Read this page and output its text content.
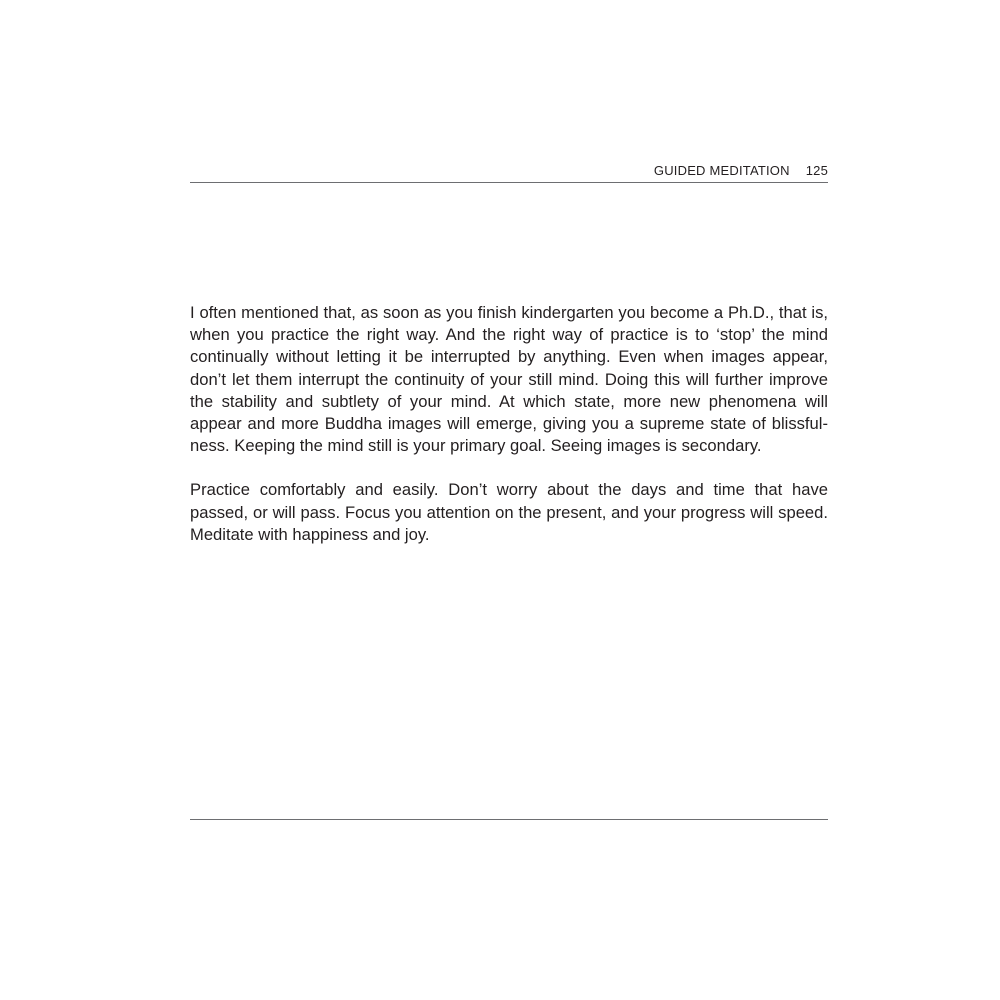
GUIDED MEDITATION 125

I often mentioned that, as soon as you finish kindergarten you become a Ph.D., that is, when you practice the right way. And the right way of practice is to ‘stop’ the mind continually without letting it be interrupted by anything. Even when images appear, don’t let them interrupt the continuity of your still mind. Doing this will further improve the stability and subtlety of your mind. At which state, more new phenomena will appear and more Buddha images will emerge, giving you a supreme state of blissfulness. Keeping the mind still is your primary goal. Seeing images is secondary.

Practice comfortably and easily. Don’t worry about the days and time that have passed, or will pass. Focus you attention on the present, and your progress will speed. Meditate with happiness and joy.
